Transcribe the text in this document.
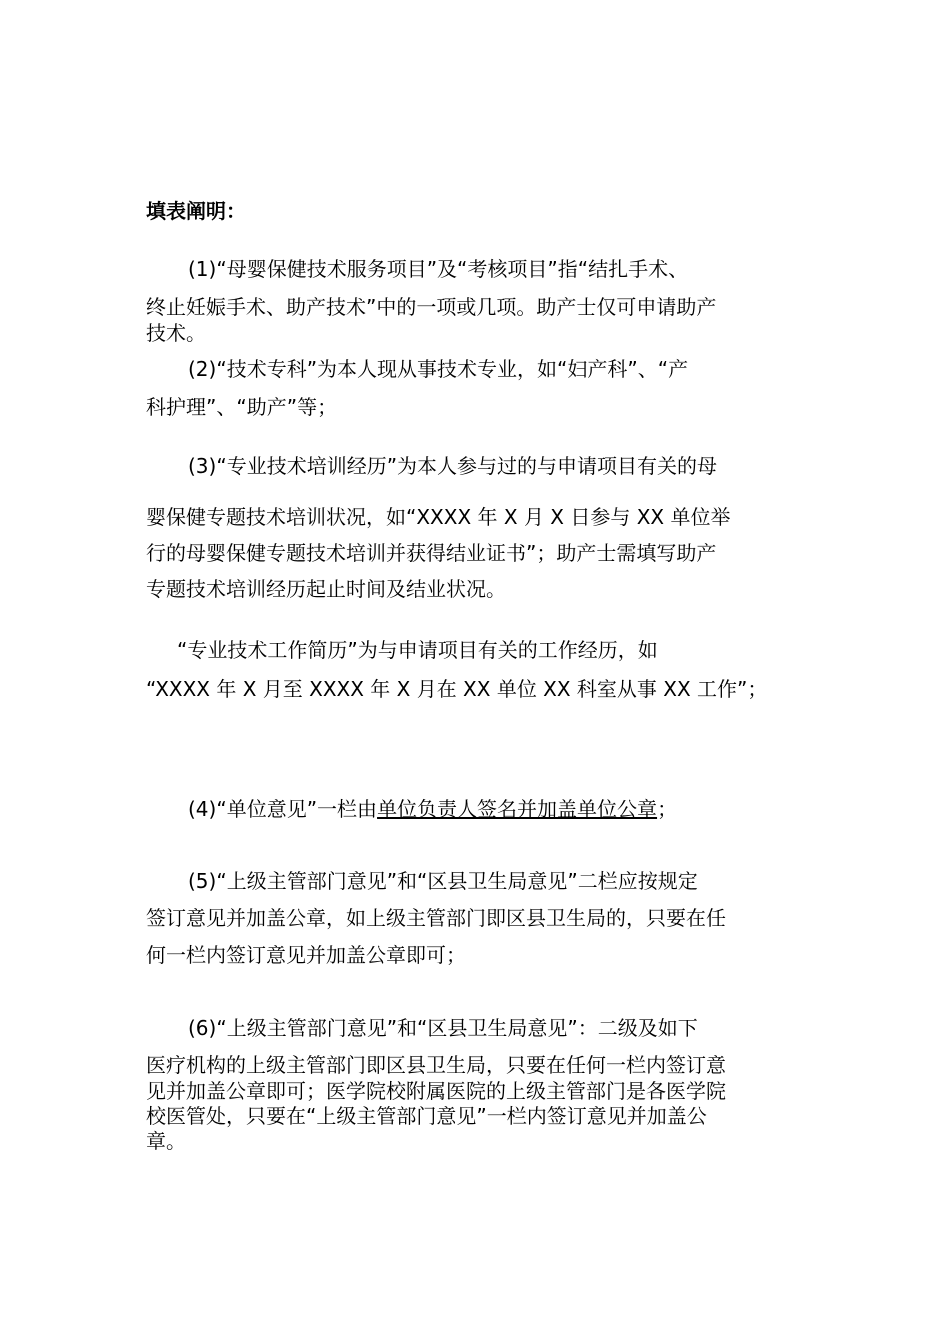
填表阐明：

(1)“母婴保健技术服务项目”及“考核项目”指“结扎手术、

终止妊娠手术、助产技术”中的一项或几项。助产士仅可申请助产

技术。

(2)“技术专科”为本人现从事技术专业，如“妇产科”、“产

科护理”、“助产”等；

(3)“专业技术培训经历”为本人参与过的与申请项目有关的母

婴保健专题技术培训状况，如“XXXX 年 X 月 X 日参与 XX 单位举

行的母婴保健专题技术培训并获得结业证书”；助产士需填写助产

专题技术培训经历起止时间及结业状况。

“专业技术工作简历”为与申请项目有关的工作经历，如

“XXXX 年 X 月至 XXXX 年 X 月在 XX 单位 XX 科室从事 XX 工作”；

(4)“单位意见”一栏由单位负责人签名并加盖单位公章；

(5)“上级主管部门意见”和“区县卫生局意见”二栏应按规定

签订意见并加盖公章，如上级主管部门即区县卫生局的，只要在任

何一栏内签订意见并加盖公章即可；

(6)“上级主管部门意见”和“区县卫生局意见”：二级及如下

医疗机构的上级主管部门即区县卫生局，只要在任何一栏内签订意

见并加盖公章即可；医学院校附属医院的上级主管部门是各医学院

校医管处，只要在“上级主管部门意见”一栏内签订意见并加盖公

章。
